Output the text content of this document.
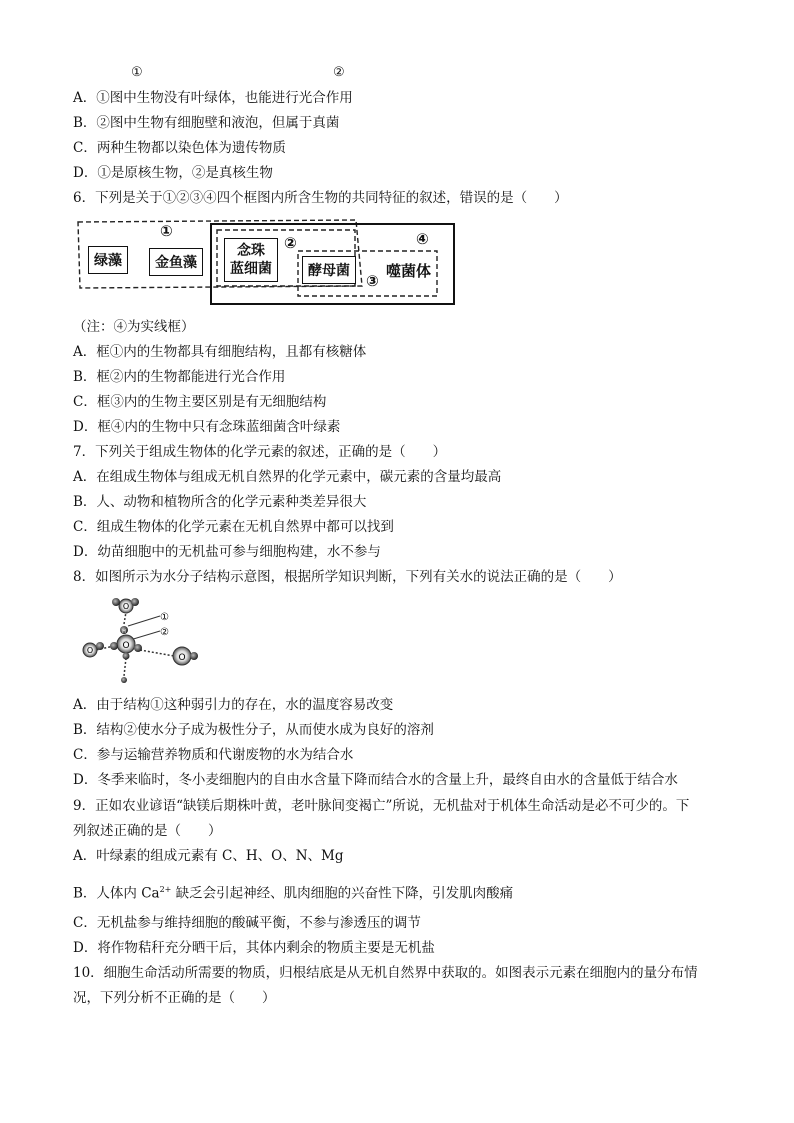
①	②
A．①图中生物没有叶绿体，也能进行光合作用
B．②图中生物有细胞壁和液泡，但属于真菌
C．两种生物都以染色体为遗传物质
D．①是原核生物，②是真核生物
6．下列是关于①②③④四个框图内所含生物的共同特征的叙述，错误的是（　　）
①
②
③
④
绿藻	金鱼藻
念珠
蓝细菌	酵母菌	噬菌体
（注：④为实线框）
A．框①内的生物都具有细胞结构，且都有核糖体
B．框②内的生物都能进行光合作用
C．框③内的生物主要区别是有无细胞结构
D．框④内的生物中只有念珠蓝细菌含叶绿素
7．下列关于组成生物体的化学元素的叙述，正确的是（　　）
A．在组成生物体与组成无机自然界的化学元素中，碳元素的含量均最高
B．人、动物和植物所含的化学元素种类差异很大
C．组成生物体的化学元素在无机自然界中都可以找到
D．幼苗细胞中的无机盐可参与细胞构建，水不参与
8．如图所示为水分子结构示意图，根据所学知识判断，下列有关水的说法正确的是（　　）
O
O
O
O
H
①
②
A．由于结构①这种弱引力的存在，水的温度容易改变
B．结构②使水分子成为极性分子，从而使水成为良好的溶剂
C．参与运输营养物质和代谢废物的水为结合水
D．冬季来临时，冬小麦细胞内的自由水含量下降而结合水的含量上升，最终自由水的含量低于结合水
9．正如农业谚语“缺镁后期株叶黄，老叶脉间变褐亡”所说，无机盐对于机体生命活动是必不可少的。下
列叙述正确的是（　　）
A．叶绿素的组成元素有 C、H、O、N、Mg
B．人体内 $Ca^{2+}$ 缺乏会引起神经、肌肉细胞的兴奋性下降，引发肌肉酸痛
C．无机盐参与维持细胞的酸碱平衡，不参与渗透压的调节
D．将作物秸秆充分晒干后，其体内剩余的物质主要是无机盐
10．细胞生命活动所需要的物质，归根结底是从无机自然界中获取的。如图表示元素在细胞内的量分布情
况，下列分析不正确的是（　　）
